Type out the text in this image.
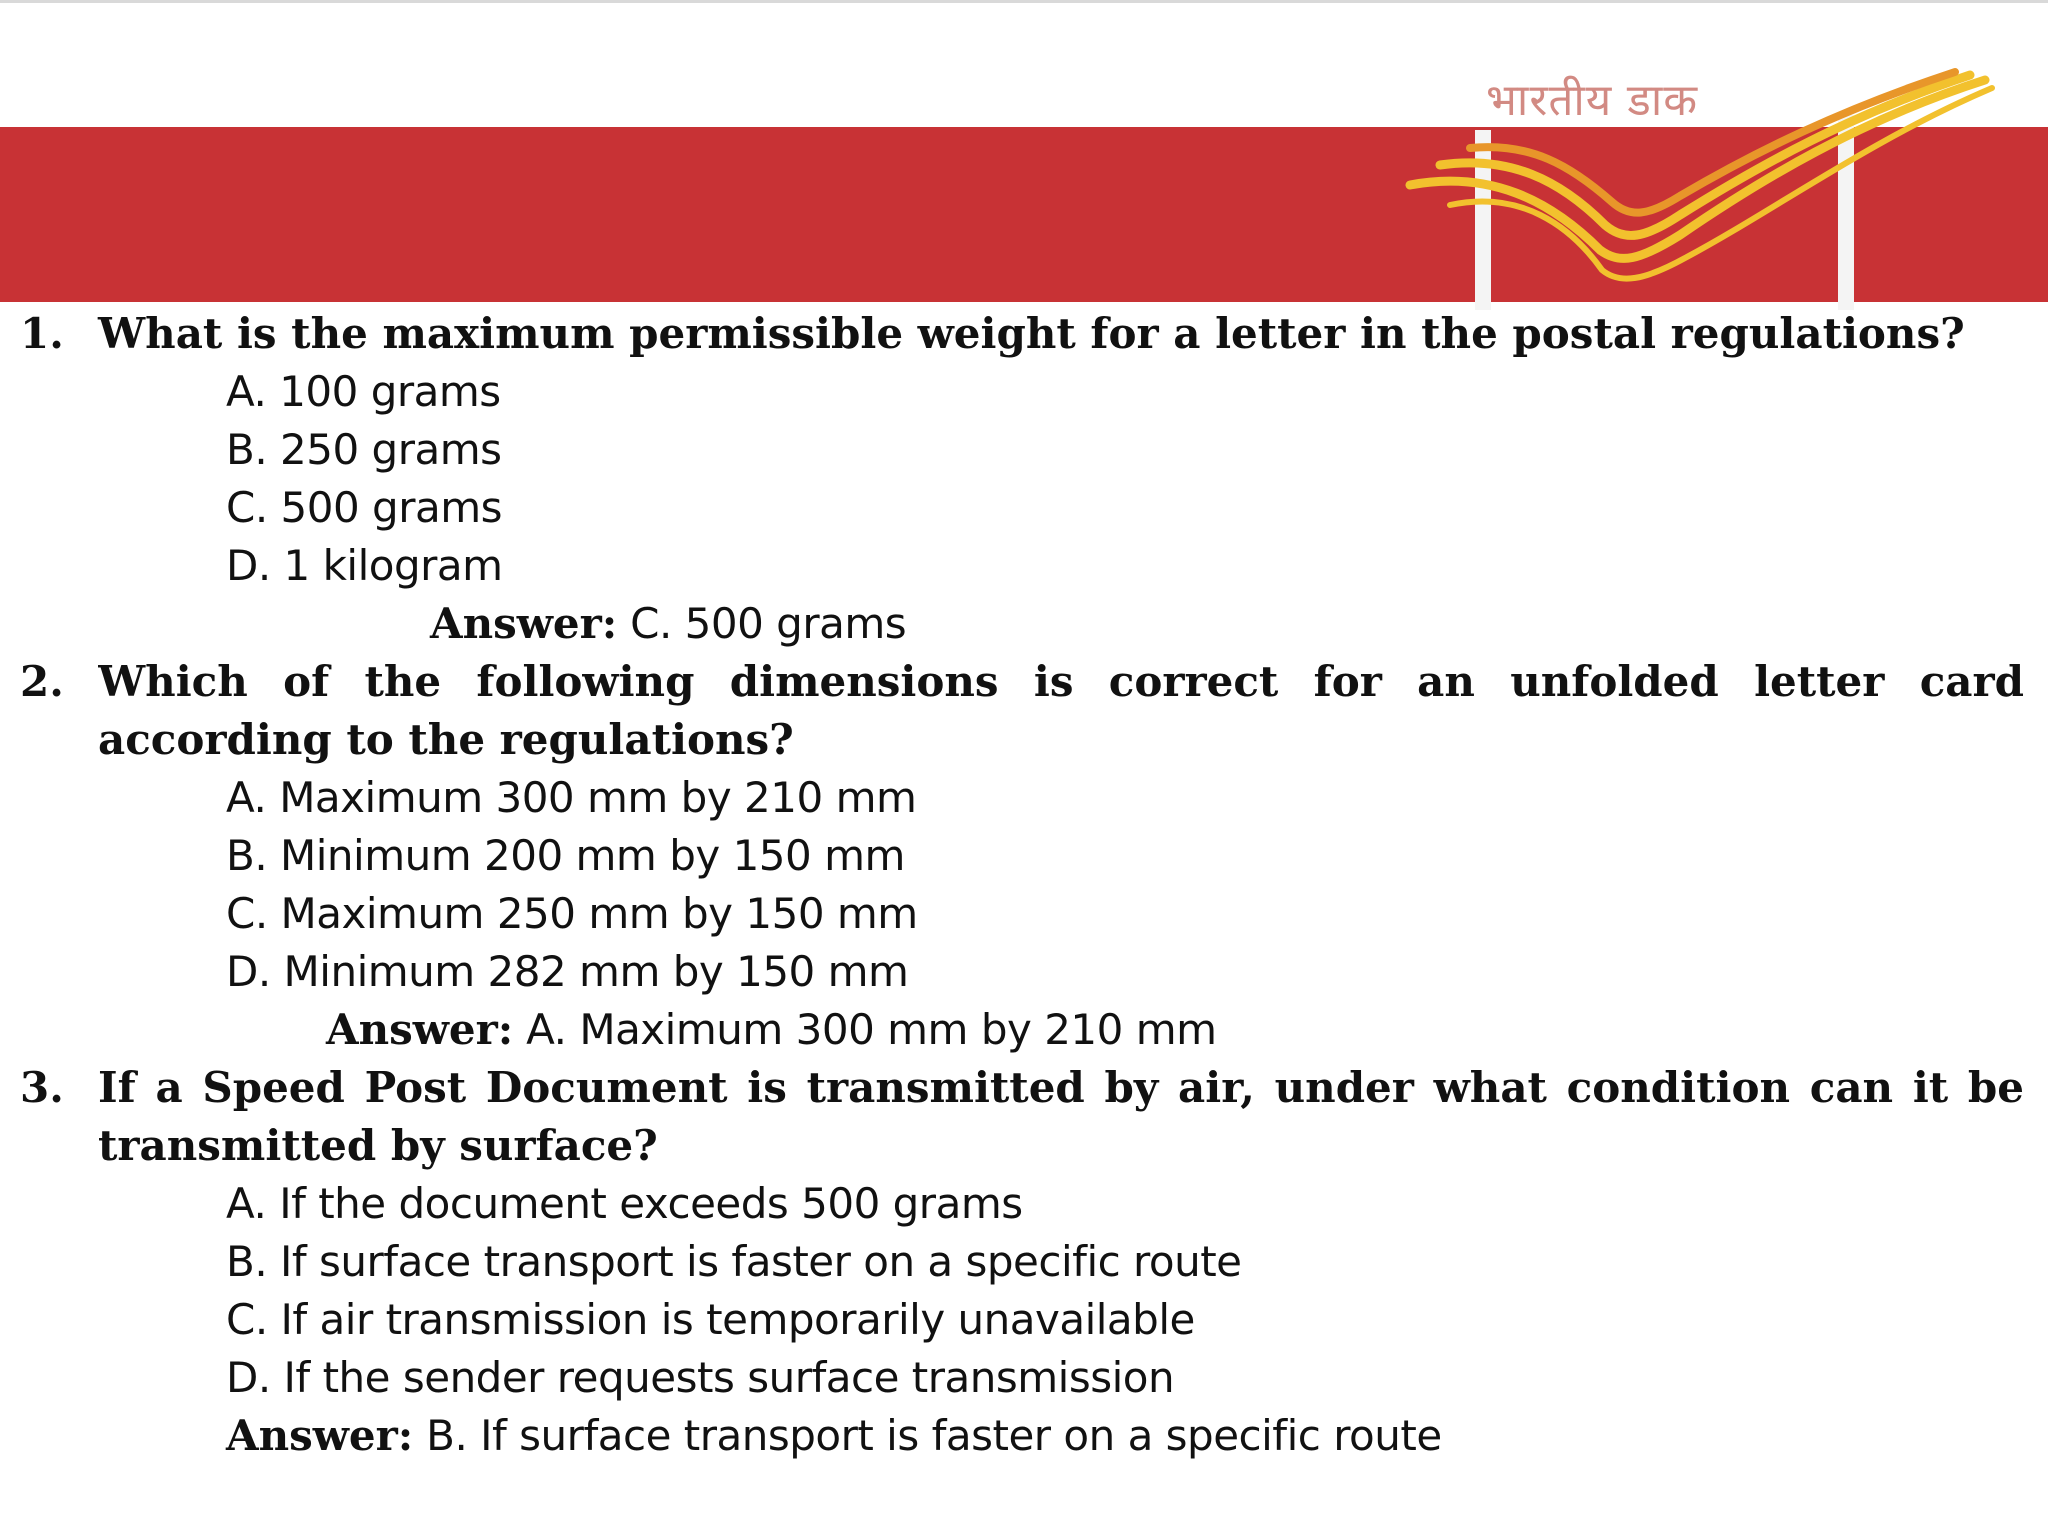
भारतीय डाक
1. What is the maximum permissible weight for a letter in the postal regulations?
A. 100 grams
B. 250 grams
C. 500 grams
D. 1 kilogram
Answer: C. 500 grams
2. Which of the following dimensions is correct for an unfolded letter card
according to the regulations?
A. Maximum 300 mm by 210 mm
B. Minimum 200 mm by 150 mm
C. Maximum 250 mm by 150 mm
D. Minimum 282 mm by 150 mm
Answer: A. Maximum 300 mm by 210 mm
3. If a Speed Post Document is transmitted by air, under what condition can it be
transmitted by surface?
A. If the document exceeds 500 grams
B. If surface transport is faster on a specific route
C. If air transmission is temporarily unavailable
D. If the sender requests surface transmission
Answer: B. If surface transport is faster on a specific route
